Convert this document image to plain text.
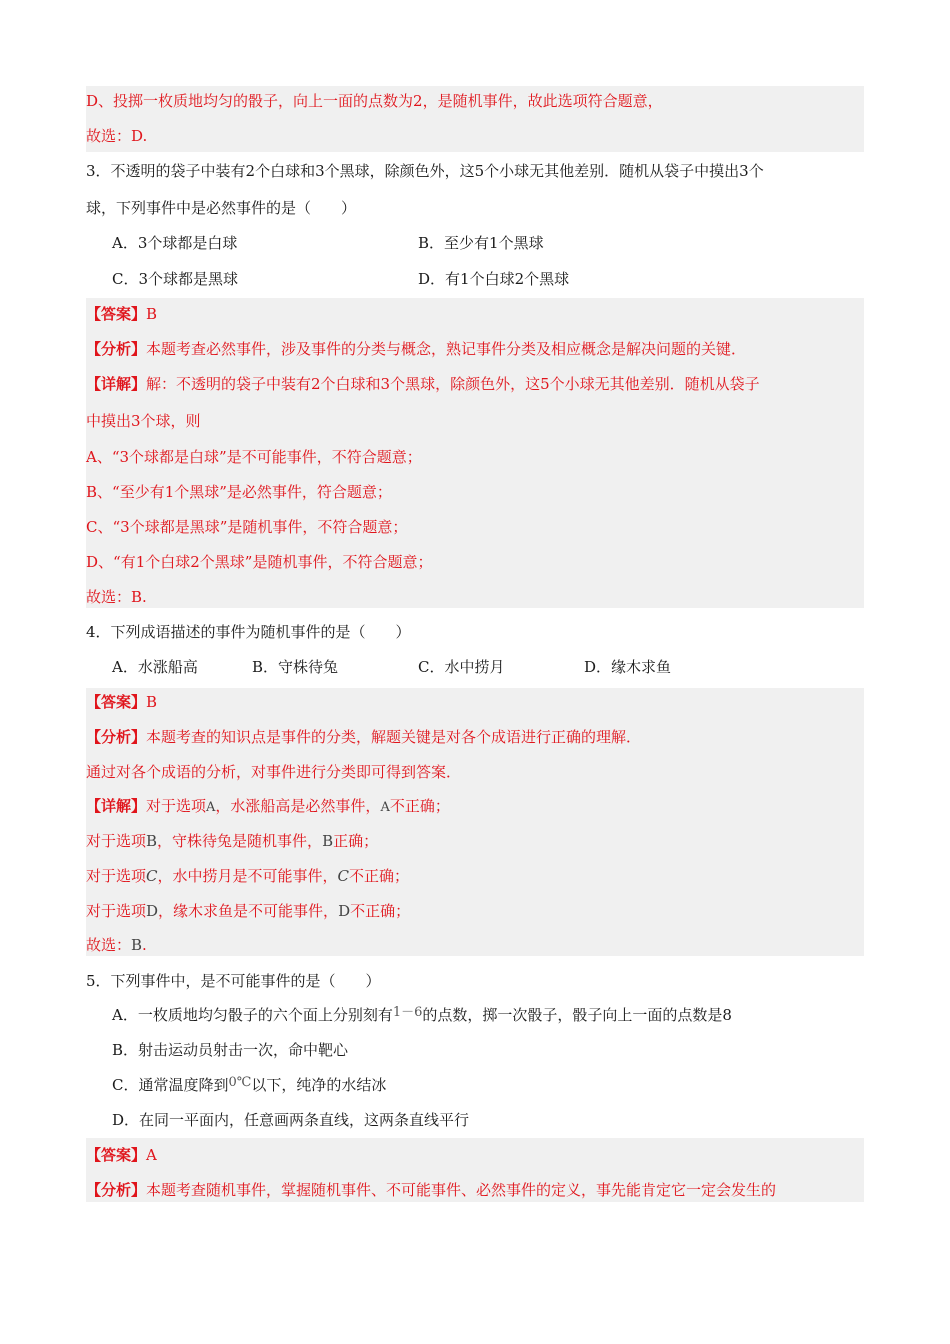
D、投掷一枚质地均匀的骰子，向上一面的点数为2，是随机事件，故此选项符合题意，
故选：D.
3．不透明的袋子中装有2个白球和3个黑球，除颜色外，这5个小球无其他差别．随机从袋子中摸出3个
球，下列事件中是必然事件的是（　　）
A．3个球都是白球	B．至少有1个黑球
C．3个球都是黑球	D．有1个白球2个黑球
【答案】B
【分析】本题考查必然事件，涉及事件的分类与概念，熟记事件分类及相应概念是解决问题的关键．
【详解】解：不透明的袋子中装有2个白球和3个黑球，除颜色外，这5个小球无其他差别．随机从袋子
中摸出3个球，则
A、“3个球都是白球”是不可能事件，不符合题意；
B、“至少有1个黑球”是必然事件，符合题意；
C、“3个球都是黑球”是随机事件，不符合题意；
D、“有1个白球2个黑球”是随机事件，不符合题意；
故选：B.
4．下列成语描述的事件为随机事件的是（　　）
A．水涨船高	B．守株待兔	C．水中捞月	D．缘木求鱼
【答案】B
【分析】本题考查的知识点是事件的分类，解题关键是对各个成语进行正确的理解．
通过对各个成语的分析，对事件进行分类即可得到答案．
【详解】对于选项A，水涨船高是必然事件，A不正确；
对于选项B，守株待兔是随机事件，B正确；
对于选项C，水中捞月是不可能事件，C不正确；
对于选项D，缘木求鱼是不可能事件，D不正确；
故选：B.
5．下列事件中，是不可能事件的是（　　）
A．一枚质地均匀骰子的六个面上分别刻有1－6的点数，掷一次骰子，骰子向上一面的点数是8
B．射击运动员射击一次，命中靶心
C．通常温度降到0℃以下，纯净的水结冰
D．在同一平面内，任意画两条直线，这两条直线平行
【答案】A
【分析】本题考查随机事件，掌握随机事件、不可能事件、必然事件的定义，事先能肯定它一定会发生的
